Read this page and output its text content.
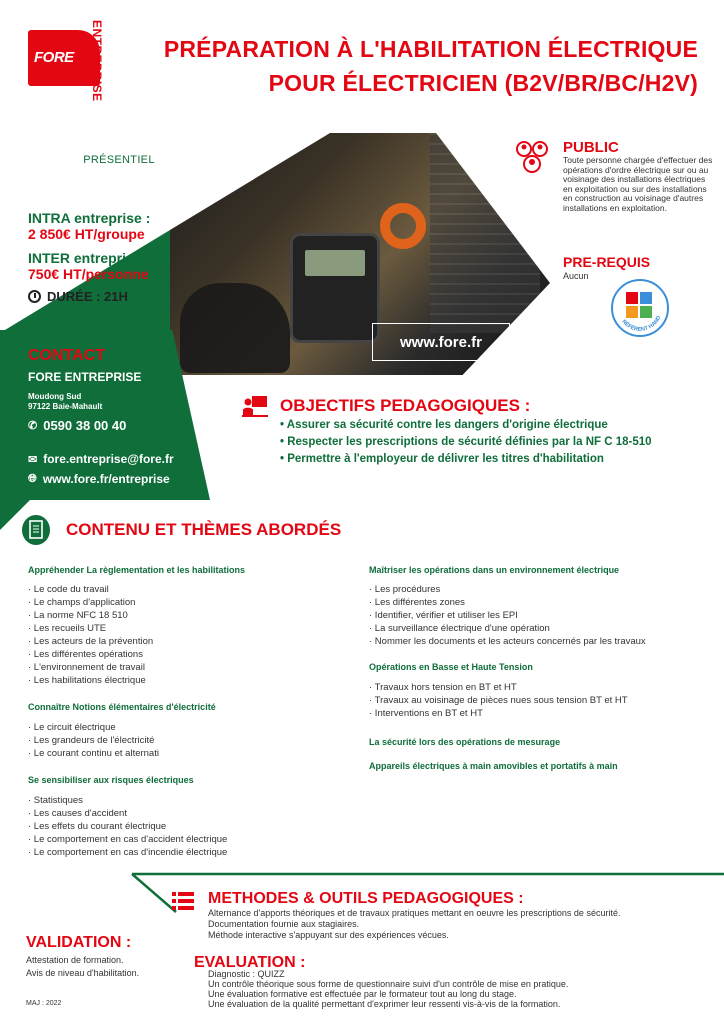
FORE	ENTREPRISE	PRÉPARATION À L'HABILITATION ÉLECTRIQUE
POUR ÉLECTRICIEN (B2V/BR/BC/H2V)
PRÉSENTIEL
INTRA entreprise :
2 850€ HT/groupe
INTER entreprise :
750€ HT/personne
DURÉE : 21H
www.fore.fr
CONTACT
FORE ENTREPRISE
Moudong Sud
97122 Baie-Mahault
✆ 0590 38 00 40
✉ fore.entreprise@fore.fr
🌐︎ www.fore.fr/entreprise
PUBLIC
Toute personne chargée d'effectuer des opérations d'ordre électrique sur ou au voisinage des installations électriques en exploitation ou sur des installations en construction au voisinage d'autres installations en exploitation.
PRE-REQUIS
Aucun
RÉFÉRENT HAND
OBJECTIFS PEDAGOGIQUES :
• Assurer sa sécurité contre les dangers d'origine électrique
• Respecter les prescriptions de sécurité définies par la NF C 18-510
• Permettre à l'employeur de délivrer les titres d'habilitation
CONTENU ET THÈMES ABORDÉS
Appréhender La règlementation et les habilitations
· Le code du travail
· Le champs d'application
· La norme NFC 18 510
· Les recueils UTE
· Les acteurs de la prévention
· Les différentes opérations
· L'environnement de travail
· Les habilitations électrique
Connaître Notions élémentaires d'électricité
· Le circuit électrique
· Les grandeurs de l'électricité
· Le courant continu et alternati
Se sensibiliser aux risques électriques
· Statistiques
· Les causes d'accident
· Les effets du courant électrique
· Le comportement en cas d'accident électrique
· Le comportement en cas d'incendie électrique
Maîtriser les opérations dans un environnement électrique
· Les procédures
· Les différentes zones
· Identifier, vérifier et utiliser les EPI
· La surveillance électrique d'une opération
· Nommer les documents et les acteurs concernés par les travaux
Opérations en Basse et Haute Tension
· Travaux hors tension en BT et HT
· Travaux au voisinage de pièces nues sous tension BT et HT
· Interventions en BT et HT
La sécurité lors des opérations de mesurage
Appareils électriques à main amovibles et portatifs à main
METHODES & OUTILS PEDAGOGIQUES :
Alternance d'apports théoriques et de travaux pratiques mettant en oeuvre les prescriptions de sécurité.
Documentation fournie aux stagiaires.
Méthode interactive s'appuyant sur des expériences vécues.
EVALUATION :
Diagnostic : QUIZZ
Un contrôle théorique sous forme de questionnaire suivi d'un contrôle de mise en pratique.
Une évaluation formative est effectuée par le formateur tout au long du stage.
Une évaluation de la qualité permettant d'exprimer leur ressenti vis-à-vis de la formation.
VALIDATION :
Attestation de formation.
Avis de niveau d'habilitation.
MAJ : 2022
